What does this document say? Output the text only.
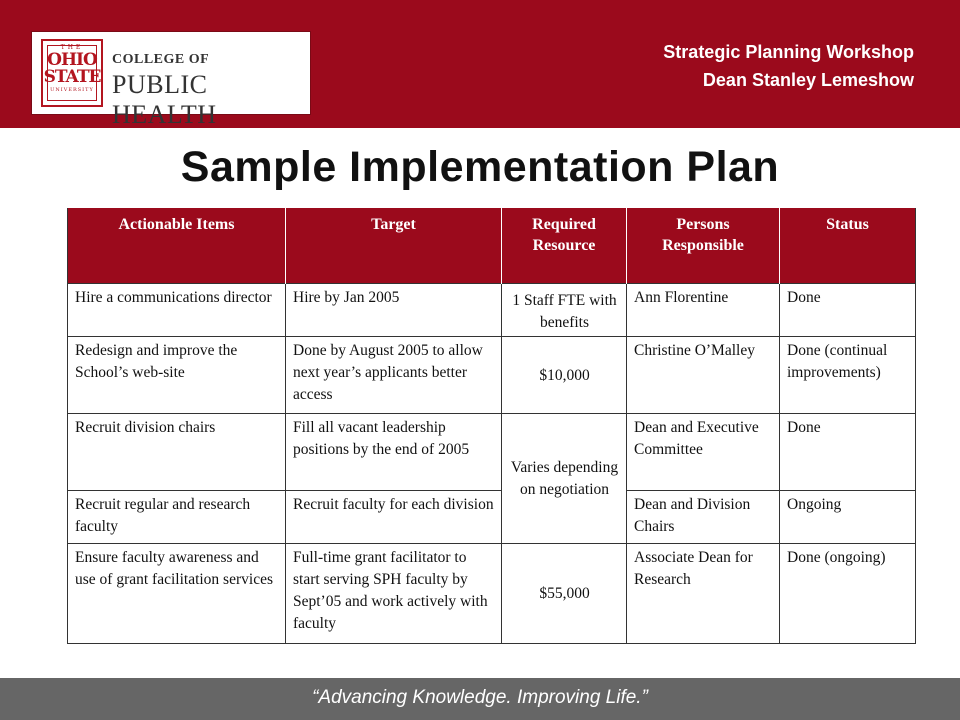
THE
OHIO
STATE
UNIVERSITY
COLLEGE OF
PUBLIC HEALTH
Strategic Planning Workshop
Dean Stanley Lemeshow
Sample Implementation Plan
Actionable Items	Target	Required Resource	Persons Responsible	Status
Hire a communications director	Hire by Jan 2005	1 Staff FTE with benefits	Ann Florentine	Done
Redesign and improve the School’s web-site	Done by August 2005 to allow next year’s applicants better access	$10,000	Christine O’Malley	Done (continual improvements)
Recruit division chairs	Fill all vacant leadership positions by the end of 2005	Varies depending on negotiation	Dean and Executive Committee	Done
Recruit regular and research faculty	Recruit faculty for each division		Dean and Division Chairs	Ongoing
Ensure faculty awareness and use of grant facilitation services	Full-time grant facilitator to start serving SPH faculty by Sept’05 and work actively with faculty	$55,000	Associate Dean for Research	Done (ongoing)
“Advancing Knowledge. Improving Life.”
